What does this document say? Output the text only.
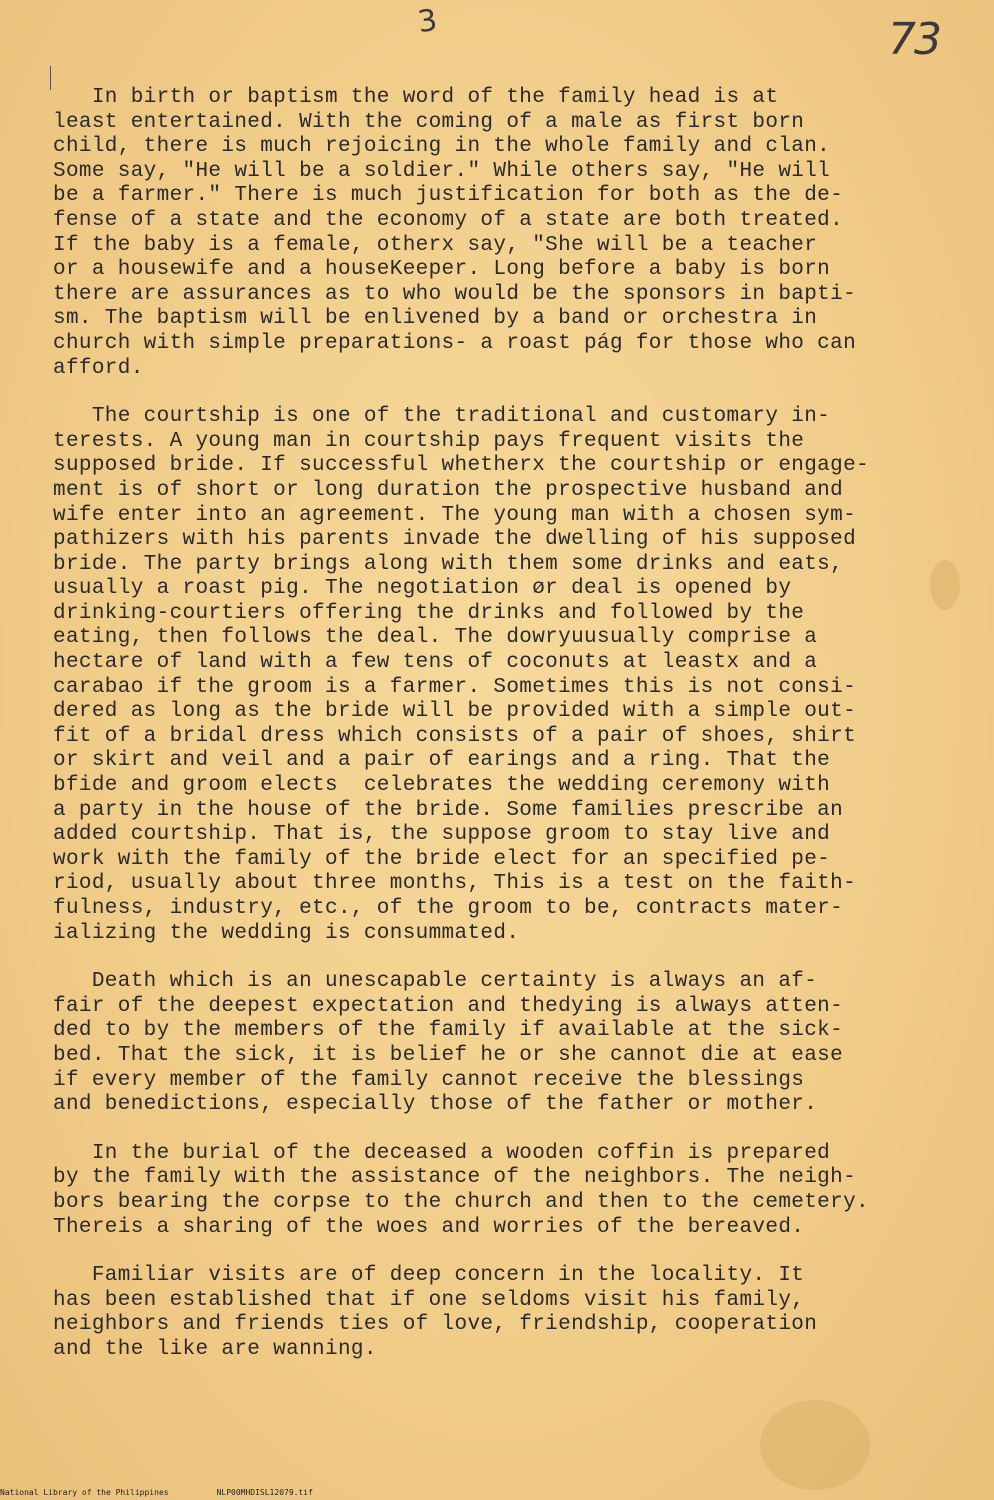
3	73
In birth or baptism the word of the family head is at
least entertained. With the coming of a male as first born
child, there is much rejoicing in the whole family and clan.
Some say, "He will be a soldier." While others say, "He will
be a farmer." There is much justification for both as the de-
fense of a state and the economy of a state are both treated.
If the baby is a female, otherx say, "She will be a teacher
or a housewife and a houseKeeper. Long before a baby is born
there are assurances as to who would be the sponsors in bapti-
sm. The baptism will be enlivened by a band or orchestra in
church with simple preparations- a roast pág for those who can
afford.
The courtship is one of the traditional and customary in-
terests. A young man in courtship pays frequent visits the
supposed bride. If successful whetherx the courtship or engage-
ment is of short or long duration the prospective husband and
wife enter into an agreement. The young man with a chosen sym-
pathizers with his parents invade the dwelling of his supposed
bride. The party brings along with them some drinks and eats,
usually a roast pig. The negotiation ør deal is opened by
drinking-courtiers offering the drinks and followed by the
eating, then follows the deal. The dowryuusually comprise a
hectare of land with a few tens of coconuts at leastx and a
carabao if the groom is a farmer. Sometimes this is not consi-
dered as long as the bride will be provided with a simple out-
fit of a bridal dress which consists of a pair of shoes, shirt
or skirt and veil and a pair of earings and a ring. That the
bfide and groom elects  celebrates the wedding ceremony with
a party in the house of the bride. Some families prescribe an
added courtship. That is, the suppose groom to stay live and
work with the family of the bride elect for an specified pe-
riod, usually about three months, This is a test on the faith-
fulness, industry, etc., of the groom to be, contracts mater-
ializing the wedding is consummated.
Death which is an unescapable certainty is always an af-
fair of the deepest expectation and thedying is always atten-
ded to by the members of the family if available at the sick-
bed. That the sick, it is belief he or she cannot die at ease
if every member of the family cannot receive the blessings
and benedictions, especially those of the father or mother.
In the burial of the deceased a wooden coffin is prepared
by the family with the assistance of the neighbors. The neigh-
bors bearing the corpse to the church and then to the cemetery.
Thereis a sharing of the woes and worries of the bereaved.
Familiar visits are of deep concern in the locality. It
has been established that if one seldoms visit his family,
neighbors and friends ties of love, friendship, cooperation
and the like are wanning.
National Library of the Philippines	NLP00MHDISL12079.tif
